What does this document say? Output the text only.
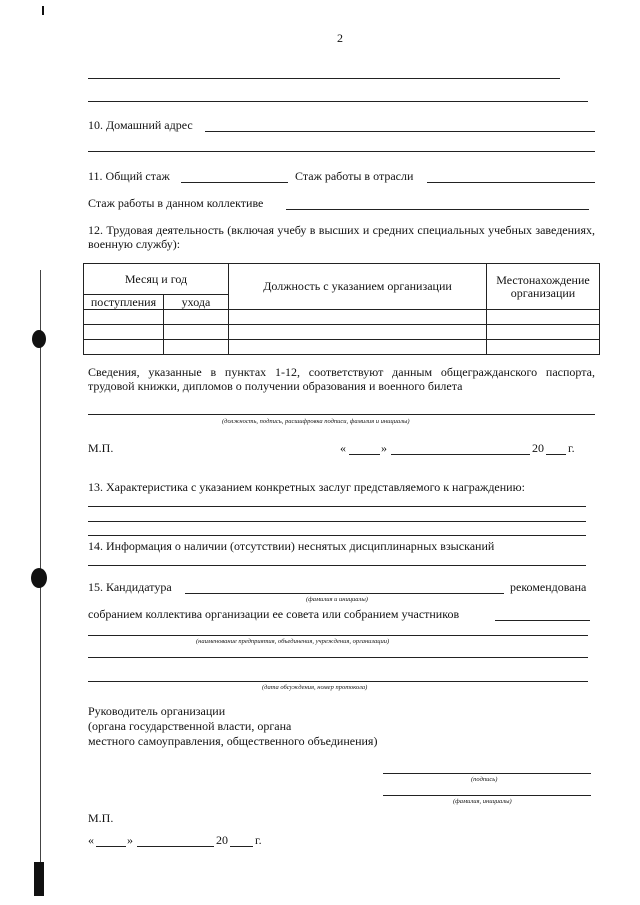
2
10. Домашний адрес
11. Общий стаж	Стаж работы в отрасли
Стаж работы в данном коллективе
12. Трудовая деятельность (включая учебу в высших и средних специальных учебных заведениях, военную службу):
Месяц и год		Должность с указанием организации	Местонахождение организации
поступления	ухода		

Сведения, указанные в пунктах 1-12, соответствуют данным общегражданского паспорта, трудовой книжки, дипломов о получении образования и военного билета
(должность, подпись, расшифровка подписи, фамилия и инициалы)
М.П.	«	»	20 г.
13. Характеристика с указанием конкретных заслуг представляемого к награждению:
14. Информация о наличии (отсутствии) неснятых дисциплинарных взысканий
15. Кандидатура	рекомендована
(фамилия и инициалы)
собранием коллектива организации ее совета или собранием участников
(наименование предприятия, объединения, учреждения, организации)
(дата обсуждения, номер протокола)
Руководитель организации
(органа государственной власти, органа
местного самоуправления, общественного объединения)
(подпись)
(фамилия, инициалы)
М.П.
«	»	20 г.
